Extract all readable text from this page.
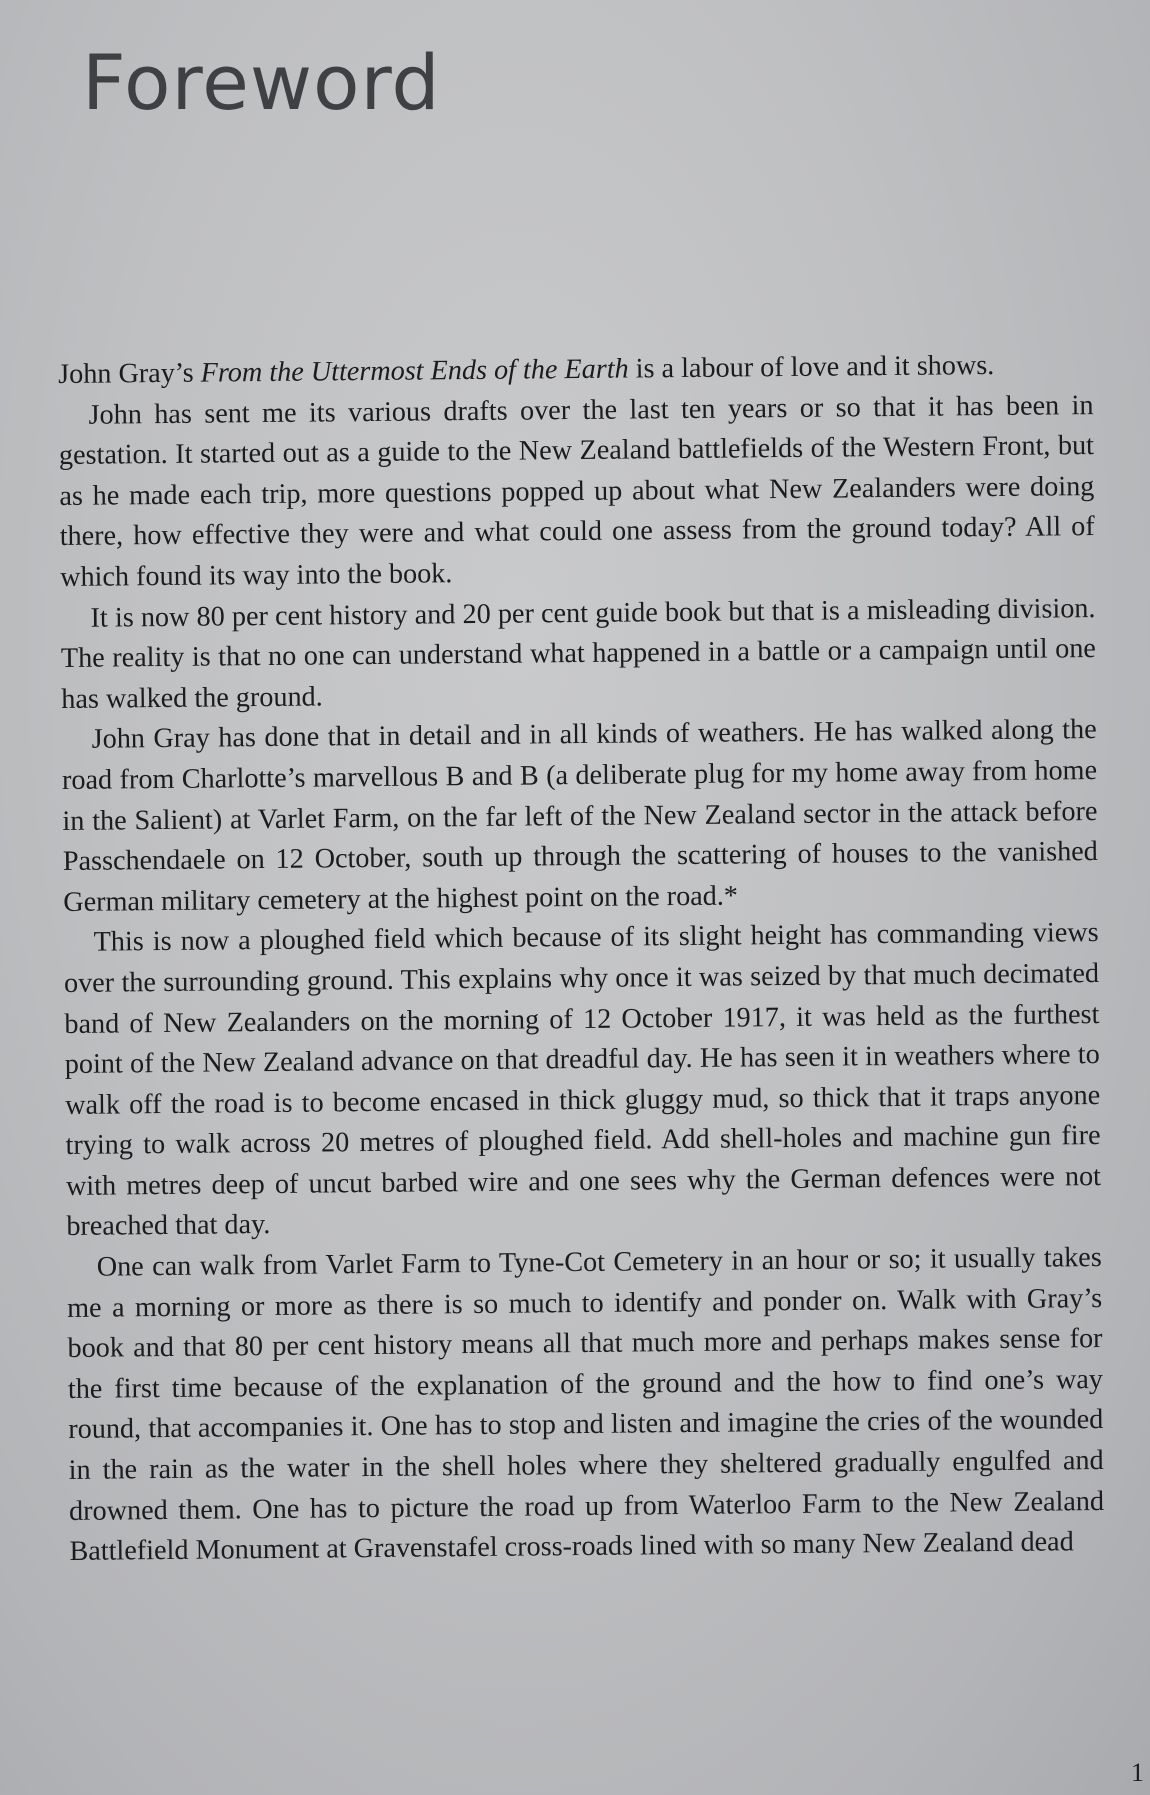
Foreword

John Gray’s From the Uttermost Ends of the Earth is a labour of love and it shows.

John has sent me its various drafts over the last ten years or so that it has been in gestation. It started out as a guide to the New Zealand battlefields of the Western Front, but as he made each trip, more questions popped up about what New Zealanders were doing there, how effective they were and what could one assess from the ground today? All of which found its way into the book.

It is now 80 per cent history and 20 per cent guide book but that is a misleading division. The reality is that no one can understand what happened in a battle or a campaign until one has walked the ground.

John Gray has done that in detail and in all kinds of weathers. He has walked along the road from Charlotte’s marvellous B and B (a deliberate plug for my home away from home in the Salient) at Varlet Farm, on the far left of the New Zealand sector in the attack before Passchendaele on 12 October, south up through the scattering of houses to the vanished German military cemetery at the highest point on the road.*

This is now a ploughed field which because of its slight height has commanding views over the surrounding ground. This explains why once it was seized by that much decimated band of New Zealanders on the morning of 12 October 1917, it was held as the furthest point of the New Zealand advance on that dreadful day. He has seen it in weathers where to walk off the road is to become encased in thick gluggy mud, so thick that it traps anyone trying to walk across 20 metres of ploughed field. Add shell-holes and machine gun fire with metres deep of uncut barbed wire and one sees why the German defences were not breached that day.

One can walk from Varlet Farm to Tyne-Cot Cemetery in an hour or so; it usually takes me a morning or more as there is so much to identify and ponder on. Walk with Gray’s book and that 80 per cent history means all that much more and perhaps makes sense for the first time because of the explanation of the ground and the how to find one’s way round, that accompanies it. One has to stop and listen and imagine the cries of the wounded in the rain as the water in the shell holes where they sheltered gradually engulfed and drowned them. One has to picture the road up from Waterloo Farm to the New Zealand Battlefield Monument at Gravenstafel cross-roads lined with so many New Zealand dead

1
